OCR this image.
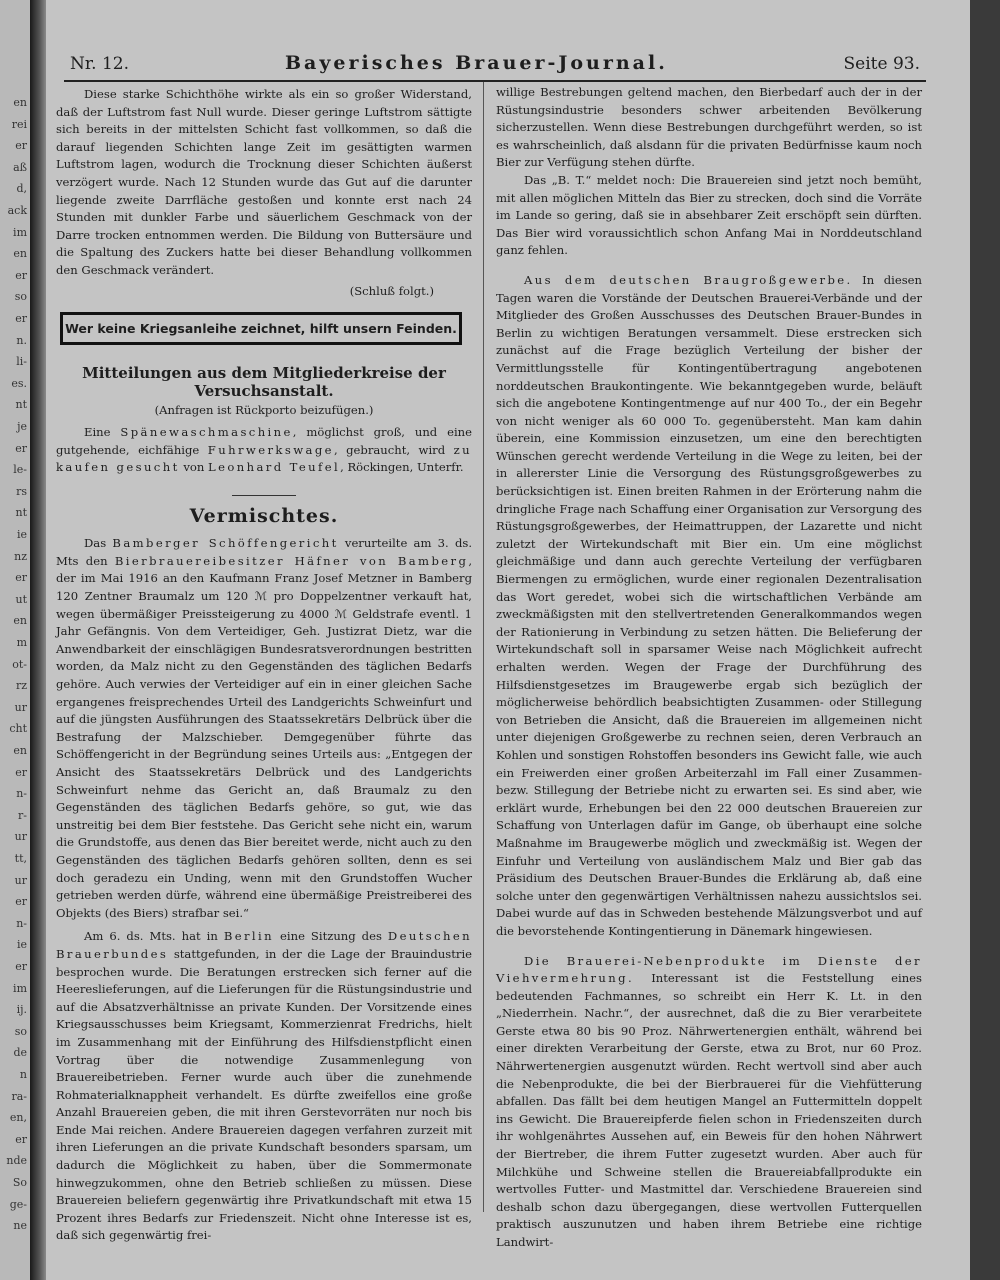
en
rei
er
aß
d,
ack
im
en
er
so
er
n.
li-
es.
nt
je
er
le-
rs
nt
ie
nz
er
ut
en
m
ot-
rz
ur
cht
en
er
n-
r-
ur
tt,
ur
er
n-
ie
er
im
ij.
so
de
n
ra-
en,
er
nde
So
ge-
ne
Nr. 12.	Bayerisches Brauer-Journal.	Seite 93.

Diese starke Schichthöhe wirkte als ein so großer Widerstand, daß der Luftstrom fast Null wurde. Dieser geringe Luftstrom sättigte sich bereits in der mittelsten Schicht fast vollkommen, so daß die darauf liegenden Schichten lange Zeit im gesättigten warmen Luftstrom lagen, wodurch die Trocknung dieser Schichten äußerst verzögert wurde. Nach 12 Stunden wurde das Gut auf die darunter liegende zweite Darrfläche gestoßen und konnte erst nach 24 Stunden mit dunkler Farbe und säuerlichem Geschmack von der Darre trocken entnommen werden. Die Bildung von Buttersäure und die Spaltung des Zuckers hatte bei dieser Behandlung vollkommen den Geschmack verändert.

(Schluß folgt.)

Wer keine Kriegsanleihe zeichnet, hilft unsern Feinden.
Mitteilungen aus dem Mitgliederkreise der Versuchsanstalt.
(Anfragen ist Rückporto beizufügen.)

Eine Spänewaschmaschine, möglichst groß, und eine gutgehende, eichfähige Fuhrwerkswage, gebraucht, wird zu kaufen gesucht von Leonhard Teufel, Röckingen, Unterfr.

Vermischtes.

Das Bamberger Schöffengericht verurteilte am 3. ds. Mts den Bierbrauereibesitzer Häfner von Bamberg, der im Mai 1916 an den Kaufmann Franz Josef Metzner in Bamberg 120 Zentner Braumalz um 120 ℳ pro Doppelzentner verkauft hat, wegen übermäßiger Preissteigerung zu 4000 ℳ Geldstrafe eventl. 1 Jahr Gefängnis. Von dem Verteidiger, Geh. Justizrat Dietz, war die Anwendbarkeit der einschlägigen Bundesratsverordnungen bestritten worden, da Malz nicht zu den Gegenständen des täglichen Bedarfs gehöre. Auch verwies der Verteidiger auf ein in einer gleichen Sache ergangenes freisprechendes Urteil des Landgerichts Schweinfurt und auf die jüngsten Ausführungen des Staatssekretärs Delbrück über die Bestrafung der Malzschieber. Demgegenüber führte das Schöffengericht in der Begründung seines Urteils aus: „Entgegen der Ansicht des Staatssekretärs Delbrück und des Landgerichts Schweinfurt nehme das Gericht an, daß Braumalz zu den Gegenständen des täglichen Bedarfs gehöre, so gut, wie das unstreitig bei dem Bier feststehe. Das Gericht sehe nicht ein, warum die Grundstoffe, aus denen das Bier bereitet werde, nicht auch zu den Gegenständen des täglichen Bedarfs gehören sollten, denn es sei doch geradezu ein Unding, wenn mit den Grundstoffen Wucher getrieben werden dürfe, während eine übermäßige Preistreiberei des Objekts (des Biers) strafbar sei.“

Am 6. ds. Mts. hat in Berlin eine Sitzung des Deutschen Brauerbundes stattgefunden, in der die Lage der Brauindustrie besprochen wurde. Die Beratungen erstrecken sich ferner auf die Heereslieferungen, auf die Lieferungen für die Rüstungsindustrie und auf die Absatzverhältnisse an private Kunden. Der Vorsitzende eines Kriegsausschusses beim Kriegsamt, Kommerzienrat Fredrichs, hielt im Zusammenhang mit der Einführung des Hilfsdienstpflicht einen Vortrag über die notwendige Zusammenlegung von Brauereibetrieben. Ferner wurde auch über die zunehmende Rohmaterialknappheit verhandelt. Es dürfte zweifellos eine große Anzahl Brauereien geben, die mit ihren Gerstevorräten nur noch bis Ende Mai reichen. Andere Brauereien dagegen verfahren zurzeit mit ihren Lieferungen an die private Kundschaft besonders sparsam, um dadurch die Möglichkeit zu haben, über die Sommermonate hinwegzukommen, ohne den Betrieb schließen zu müssen. Diese Brauereien beliefern gegenwärtig ihre Privatkundschaft mit etwa 15 Prozent ihres Bedarfs zur Friedenszeit. Nicht ohne Interesse ist es, daß sich gegenwärtig frei-

willige Bestrebungen geltend machen, den Bierbedarf auch der in der Rüstungsindustrie besonders schwer arbeitenden Bevölkerung sicherzustellen. Wenn diese Bestrebungen durchgeführt werden, so ist es wahrscheinlich, daß alsdann für die privaten Bedürfnisse kaum noch Bier zur Verfügung stehen dürfte.

Das „B. T.“ meldet noch: Die Brauereien sind jetzt noch bemüht, mit allen möglichen Mitteln das Bier zu strecken, doch sind die Vorräte im Lande so gering, daß sie in absehbarer Zeit erschöpft sein dürften. Das Bier wird voraussichtlich schon Anfang Mai in Norddeutschland ganz fehlen.

Aus dem deutschen Braugroßgewerbe. In diesen Tagen waren die Vorstände der Deutschen Brauerei-Verbände und der Mitglieder des Großen Ausschusses des Deutschen Brauer-Bundes in Berlin zu wichtigen Beratungen versammelt. Diese erstrecken sich zunächst auf die Frage bezüglich Verteilung der bisher der Vermittlungsstelle für Kontingentübertragung angebotenen norddeutschen Braukontingente. Wie bekanntgegeben wurde, beläuft sich die angebotene Kontingentmenge auf nur 400 To., der ein Begehr von nicht weniger als 60 000 To. gegenübersteht. Man kam dahin überein, eine Kommission einzusetzen, um eine den berechtigten Wünschen gerecht werdende Verteilung in die Wege zu leiten, bei der in allererster Linie die Versorgung des Rüstungsgroßgewerbes zu berücksichtigen ist. Einen breiten Rahmen in der Erörterung nahm die dringliche Frage nach Schaffung einer Organisation zur Versorgung des Rüstungsgroßgewerbes, der Heimattruppen, der Lazarette und nicht zuletzt der Wirtekundschaft mit Bier ein. Um eine möglichst gleichmäßige und dann auch gerechte Verteilung der verfügbaren Biermengen zu ermöglichen, wurde einer regionalen Dezentralisation das Wort geredet, wobei sich die wirtschaftlichen Verbände am zweckmäßigsten mit den stellvertretenden Generalkommandos wegen der Rationierung in Verbindung zu setzen hätten. Die Belieferung der Wirtekundschaft soll in sparsamer Weise nach Möglichkeit aufrecht erhalten werden. Wegen der Frage der Durchführung des Hilfsdienstgesetzes im Braugewerbe ergab sich bezüglich der möglicherweise behördlich beabsichtigten Zusammen- oder Stillegung von Betrieben die Ansicht, daß die Brauereien im allgemeinen nicht unter diejenigen Großgewerbe zu rechnen seien, deren Verbrauch an Kohlen und sonstigen Rohstoffen besonders ins Gewicht falle, wie auch ein Freiwerden einer großen Arbeiterzahl im Fall einer Zusammen- bezw. Stillegung der Betriebe nicht zu erwarten sei. Es sind aber, wie erklärt wurde, Erhebungen bei den 22 000 deutschen Brauereien zur Schaffung von Unterlagen dafür im Gange, ob überhaupt eine solche Maßnahme im Braugewerbe möglich und zweckmäßig ist. Wegen der Einfuhr und Verteilung von ausländischem Malz und Bier gab das Präsidium des Deutschen Brauer-Bundes die Erklärung ab, daß eine solche unter den gegenwärtigen Verhältnissen nahezu aussichtslos sei. Dabei wurde auf das in Schweden bestehende Mälzungsverbot und auf die bevorstehende Kontingentierung in Dänemark hingewiesen.

Die Brauerei-Nebenprodukte im Dienste der Viehvermehrung. Interessant ist die Feststellung eines bedeutenden Fachmannes, so schreibt ein Herr K. Lt. in den „Niederrhein. Nachr.“, der ausrechnet, daß die zu Bier verarbeitete Gerste etwa 80 bis 90 Proz. Nährwertenergien enthält, während bei einer direkten Verarbeitung der Gerste, etwa zu Brot, nur 60 Proz. Nährwertenergien ausgenutzt würden. Recht wertvoll sind aber auch die Nebenprodukte, die bei der Bierbrauerei für die Viehfütterung abfallen. Das fällt bei dem heutigen Mangel an Futtermitteln doppelt ins Gewicht. Die Brauereipferde fielen schon in Friedenszeiten durch ihr wohlgenährtes Aussehen auf, ein Beweis für den hohen Nährwert der Biertreber, die ihrem Futter zugesetzt wurden. Aber auch für Milchkühe und Schweine stellen die Brauereiabfallprodukte ein wertvolles Futter- und Mastmittel dar. Verschiedene Brauereien sind deshalb schon dazu übergegangen, diese wertvollen Futterquellen praktisch auszunutzen und haben ihrem Betriebe eine richtige Landwirt-
